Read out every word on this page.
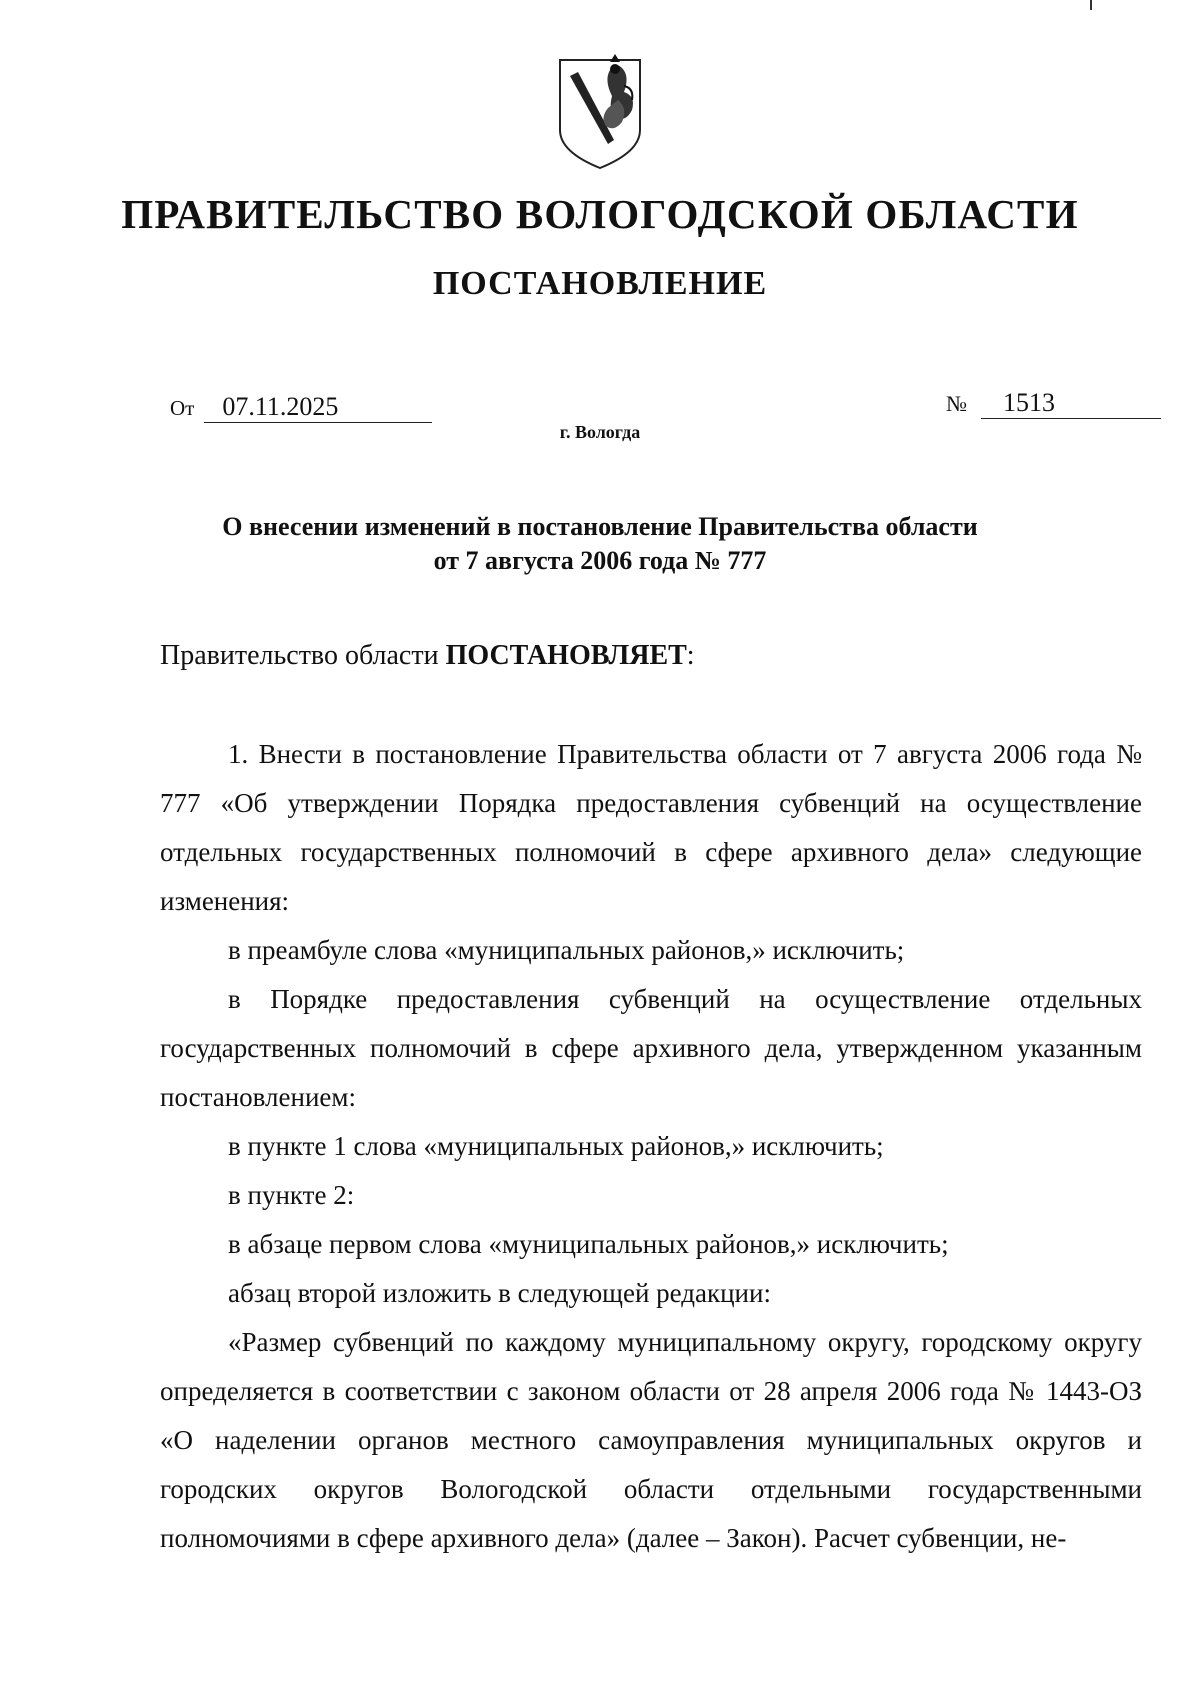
ПРАВИТЕЛЬСТВО ВОЛОГОДСКОЙ ОБЛАСТИ
ПОСТАНОВЛЕНИЕ
От 07.11.2025	№ 1513
г. Вологда
О внесении изменений в постановление Правительства области
от 7 августа 2006 года № 777
Правительство области ПОСТАНОВЛЯЕТ:

1. Внести в постановление Правительства области от 7 августа 2006 года № 777 «Об утверждении Порядка предоставления субвенций на осуществление отдельных государственных полномочий в сфере архивного дела» следующие изменения:

в преамбуле слова «муниципальных районов,» исключить;

в Порядке предоставления субвенций на осуществление отдельных государственных полномочий в сфере архивного дела, утвержденном указанным постановлением:

в пункте 1 слова «муниципальных районов,» исключить;

в пункте 2:

в абзаце первом слова «муниципальных районов,» исключить;

абзац второй изложить в следующей редакции:

«Размер субвенций по каждому муниципальному округу, городскому округу определяется в соответствии с законом области от 28 апреля 2006 года № 1443-ОЗ «О наделении органов местного самоуправления муниципальных округов и городских округов Вологодской области отдельными государственными полномочиями в сфере архивного дела» (далее – Закон). Расчет субвенции, не-
